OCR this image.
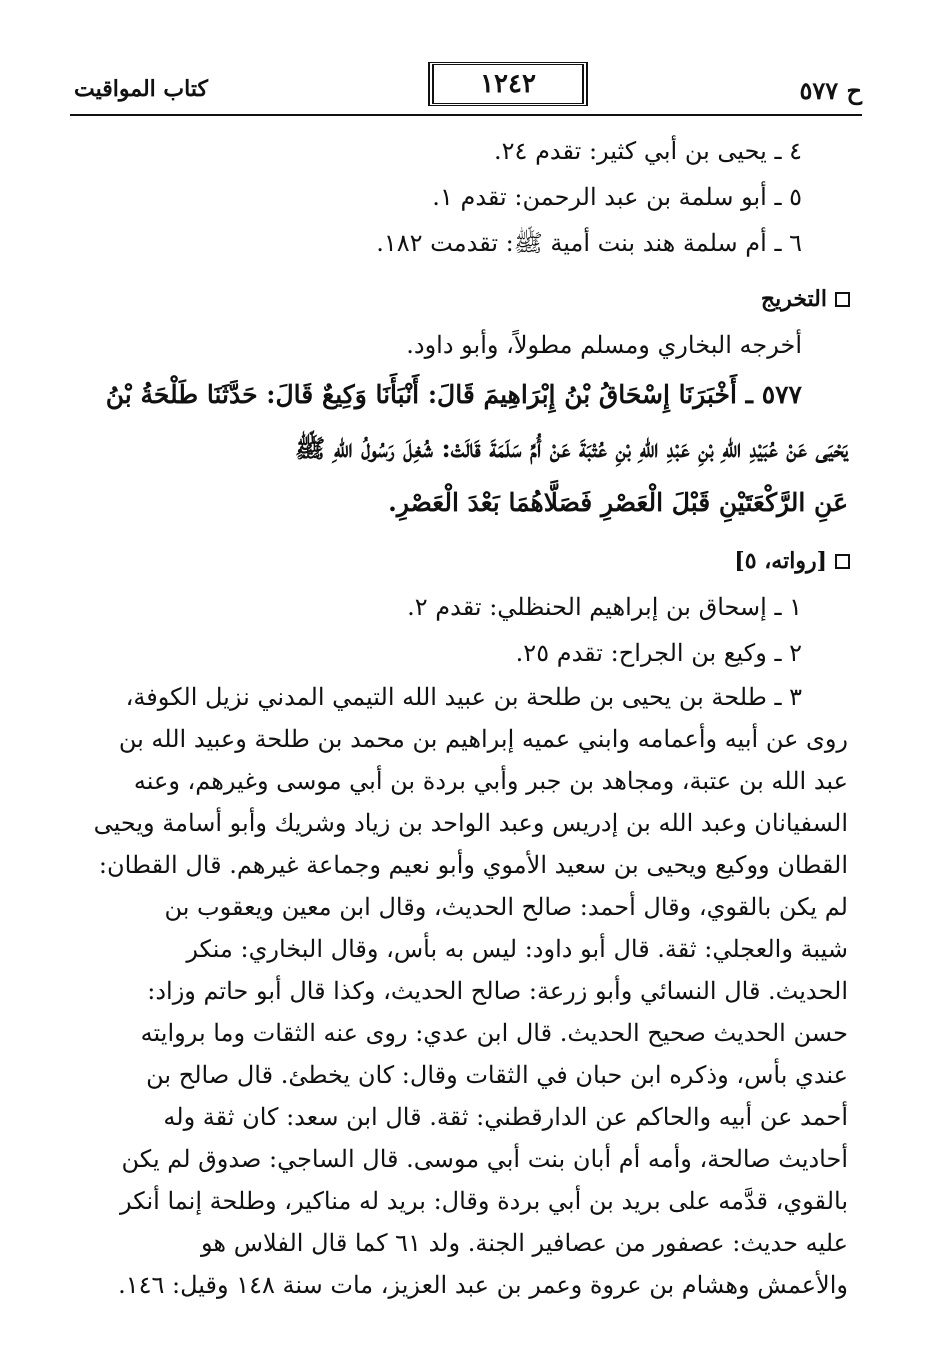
ح ٥٧٧
١٢٤٢
كتاب المواقيت
٤ ـ يحيى بن أبي كثير: تقدم ٢٤.
٥ ـ أبو سلمة بن عبد الرحمن: تقدم ١.
٦ ـ أم سلمة هند بنت أمية ﷺ: تقدمت ١٨٢.
التخريج
أخرجه البخاري ومسلم مطولاً، وأبو داود.
٥٧٧ ـ أَخْبَرَنَا إِسْحَاقُ بْنُ إِبْرَاهِيمَ قَالَ: أَنْبَأَنَا وَكِيعٌ قَالَ: حَدَّثَنَا طَلْحَةُ بْنُ
يَحْيَى عَنْ عُبَيْدِ اللهِ بْنِ عَبْدِ اللهِ بْنِ عُتْبَةَ عَنْ أُمِّ سَلَمَةَ قَالَتْ: شُغِلَ رَسُولُ اللهِ ﷺ
عَنِ الرَّكْعَتَيْنِ قَبْلَ الْعَصْرِ فَصَلَّاهُمَا بَعْدَ الْعَصْرِ.
[رواته، ٥]
١ ـ إسحاق بن إبراهيم الحنظلي: تقدم ٢.
٢ ـ وكيع بن الجراح: تقدم ٢٥.
٣ ـ طلحة بن يحيى بن طلحة بن عبيد الله التيمي المدني نزيل الكوفة،
روى عن أبيه وأعمامه وابني عميه إبراهيم بن محمد بن طلحة وعبيد الله بن
عبد الله بن عتبة، ومجاهد بن جبر وأبي بردة بن أبي موسى وغيرهم، وعنه
السفيانان وعبد الله بن إدريس وعبد الواحد بن زياد وشريك وأبو أسامة ويحيى
القطان ووكيع ويحيى بن سعيد الأموي وأبو نعيم وجماعة غيرهم. قال القطان:
لم يكن بالقوي، وقال أحمد: صالح الحديث، وقال ابن معين ويعقوب بن
شيبة والعجلي: ثقة. قال أبو داود: ليس به بأس، وقال البخاري: منكر
الحديث. قال النسائي وأبو زرعة: صالح الحديث، وكذا قال أبو حاتم وزاد:
حسن الحديث صحيح الحديث. قال ابن عدي: روى عنه الثقات وما بروايته
عندي بأس، وذكره ابن حبان في الثقات وقال: كان يخطئ. قال صالح بن
أحمد عن أبيه والحاكم عن الدارقطني: ثقة. قال ابن سعد: كان ثقة وله
أحاديث صالحة، وأمه أم أبان بنت أبي موسى. قال الساجي: صدوق لم يكن
بالقوي، قدَّمه على بريد بن أبي بردة وقال: بريد له مناكير، وطلحة إنما أنكر
عليه حديث: عصفور من عصافير الجنة. ولد ٦١ كما قال الفلاس هو
والأعمش وهشام بن عروة وعمر بن عبد العزيز، مات سنة ١٤٨ وقيل: ١٤٦.
